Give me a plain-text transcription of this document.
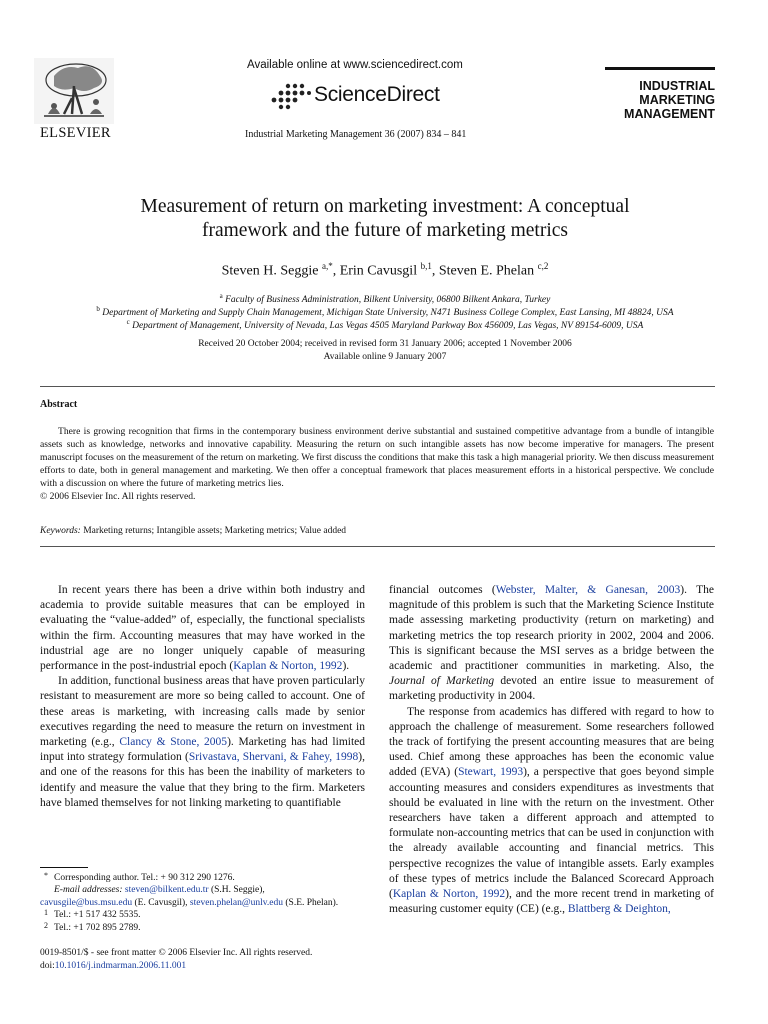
ELSEVIER
Available online at www.sciencedirect.com
ScienceDirect
Industrial Marketing Management 36 (2007) 834 – 841
INDUSTRIAL
MARKETING
MANAGEMENT
Measurement of return on marketing investment: A conceptual
framework and the future of marketing metrics
Steven H. Seggie $^{a,*}$, Erin Cavusgil $^{b,1}$, Steven E. Phelan $^{c,2}$
$^a$ Faculty of Business Administration, Bilkent University, 06800 Bilkent Ankara, Turkey
$^b$ Department of Marketing and Supply Chain Management, Michigan State University, N471 Business College Complex, East Lansing, MI 48824, USA
$^c$ Department of Management, University of Nevada, Las Vegas 4505 Maryland Parkway Box 456009, Las Vegas, NV 89154-6009, USA
Received 20 October 2004; received in revised form 31 January 2006; accepted 1 November 2006
Available online 9 January 2007
Abstract
There is growing recognition that firms in the contemporary business environment derive substantial and sustained competitive advantage from a bundle of intangible assets such as knowledge, networks and innovative capability. Measuring the return on such intangible assets has now become imperative for managers. The present manuscript focuses on the measurement of the return on marketing. We first discuss the conditions that make this task a high managerial priority. We then discuss measurement efforts to date, both in general management and marketing. We then offer a conceptual framework that places measurement efforts in a historical perspective. We conclude with a discussion on where the future of marketing metrics lies.
© 2006 Elsevier Inc. All rights reserved.
Keywords: Marketing returns; Intangible assets; Marketing metrics; Value added

In recent years there has been a drive within both industry and academia to provide suitable measures that can be employed in evaluating the “value-added” of, especially, the functional specialists within the firm. Accounting measures that may have worked in the industrial age are no longer uniquely capable of measuring performance in the post-industrial epoch (Kaplan & Norton, 1992).

In addition, functional business areas that have proven particularly resistant to measurement are more so being called to account. One of these areas is marketing, with increasing calls made by senior executives regarding the need to measure the return on investment in marketing (e.g., Clancy & Stone, 2005). Marketing has had limited input into strategy formulation (Srivastava, Shervani, & Fahey, 1998), and one of the reasons for this has been the inability of marketers to identify and measure the value that they bring to the firm. Marketers have blamed themselves for not linking marketing to quantifiable

financial outcomes (Webster, Malter, & Ganesan, 2003). The magnitude of this problem is such that the Marketing Science Institute made assessing marketing productivity (return on marketing) and marketing metrics the top research priority in 2002, 2004 and 2006. This is significant because the MSI serves as a bridge between the academic and practitioner communities in marketing. Also, the Journal of Marketing devoted an entire issue to measurement of marketing productivity in 2004.

The response from academics has differed with regard to how to approach the challenge of measurement. Some researchers followed the track of fortifying the present accounting measures that are being used. Chief among these approaches has been the economic value added (EVA) (Stewart, 1993), a perspective that goes beyond simple accounting measures and considers expenditures as investments that should be evaluated in line with the return on the investment. Other researchers have taken a different approach and attempted to formulate non-accounting metrics that can be used in conjunction with the already available accounting and financial metrics. This perspective recognizes the value of intangible assets. Early examples of these types of metrics include the Balanced Scorecard Approach (Kaplan & Norton, 1992), and the more recent trend in marketing of measuring customer equity (CE) (e.g., Blattberg & Deighton,

* Corresponding author. Tel.: + 90 312 290 1276.
E-mail addresses: steven@bilkent.edu.tr (S.H. Seggie),
cavusgile@bus.msu.edu (E. Cavusgil), steven.phelan@unlv.edu (S.E. Phelan).
1 Tel.: +1 517 432 5535.
2 Tel.: +1 702 895 2789.
0019-8501/$ - see front matter © 2006 Elsevier Inc. All rights reserved.
doi:10.1016/j.indmarman.2006.11.001
